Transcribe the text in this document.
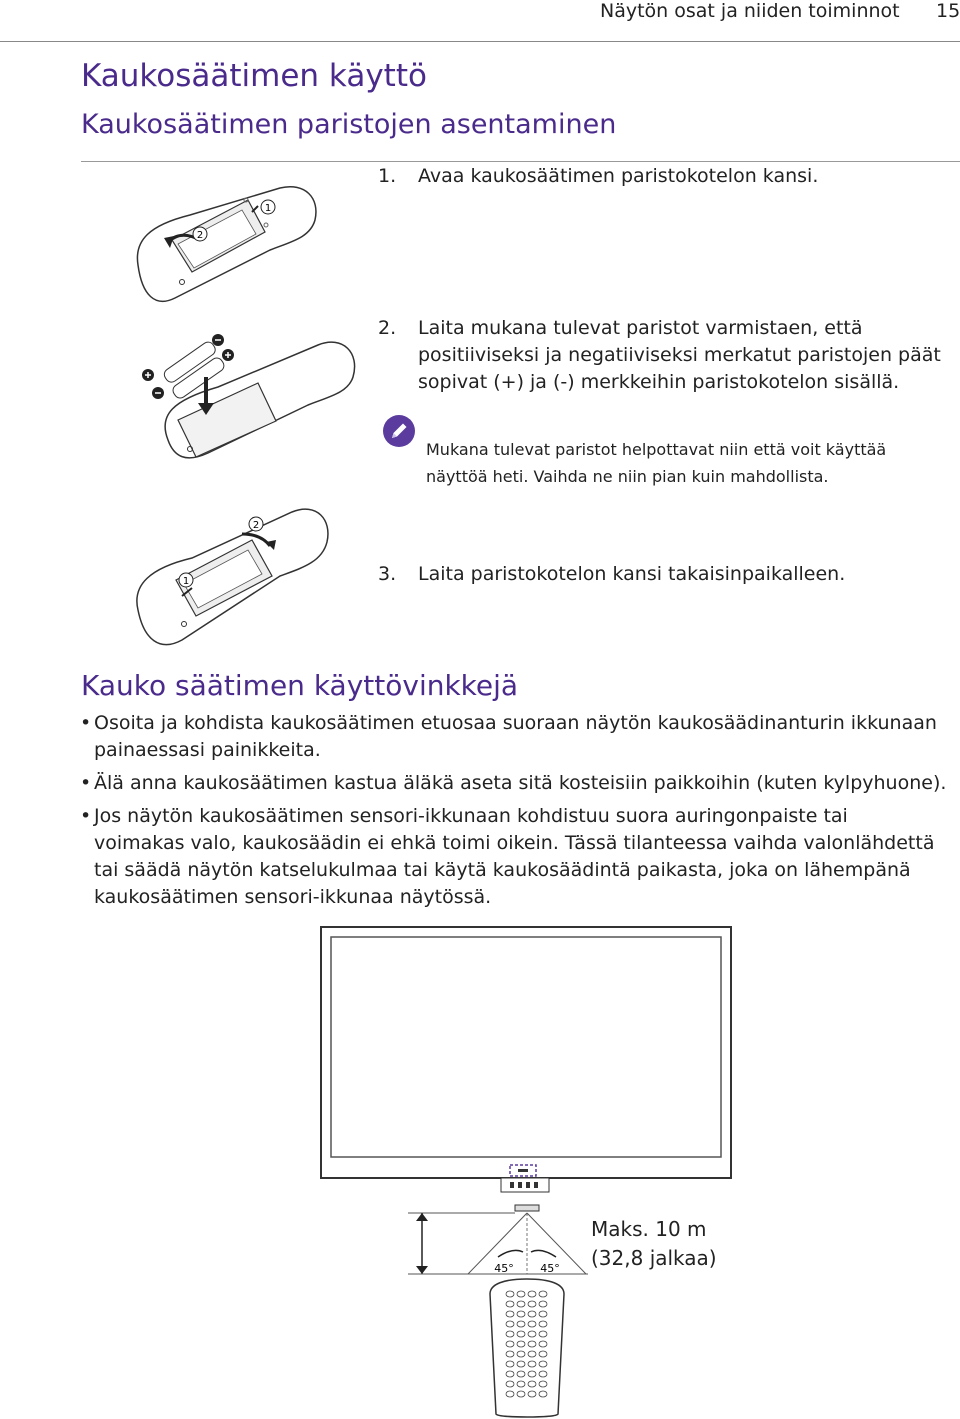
Näytön osat ja niiden toiminnot 15
Kaukosäätimen käyttö
Kaukosäätimen paristojen asentaminen
1. Avaa kaukosäätimen paristokotelon kansi.
2. Laita mukana tulevat paristot varmistaen, että
positiiviseksi ja negatiiviseksi merkatut paristojen päät
sopivat (+) ja (-) merkkeihin paristokotelon sisällä.
Mukana tulevat paristot helpottavat niin että voit käyttää
näyttöä heti. Vaihda ne niin pian kuin mahdollista.
3. Laita paristokotelon kansi takaisinpaikalleen.
2
1
2
1
Kauko säätimen käyttövinkkejä
• Osoita ja kohdista kaukosäätimen etuosaa suoraan näytön kaukosäädinanturin ikkunaan
painaessasi painikkeita.
• Älä anna kaukosäätimen kastua äläkä aseta sitä kosteisiin paikkoihin (kuten kylpyhuone).
• Jos näytön kaukosäätimen sensori-ikkunaan kohdistuu suora auringonpaiste tai
voimakas valo, kaukosäädin ei ehkä toimi oikein. Tässä tilanteessa vaihda valonlähdettä
tai säädä näytön katselukulmaa tai käytä kaukosäädintä paikasta, joka on lähempänä
kaukosäätimen sensori-ikkunaa näytössä.
45° 45°
Maks. 10 m
(32,8 jalkaa)
